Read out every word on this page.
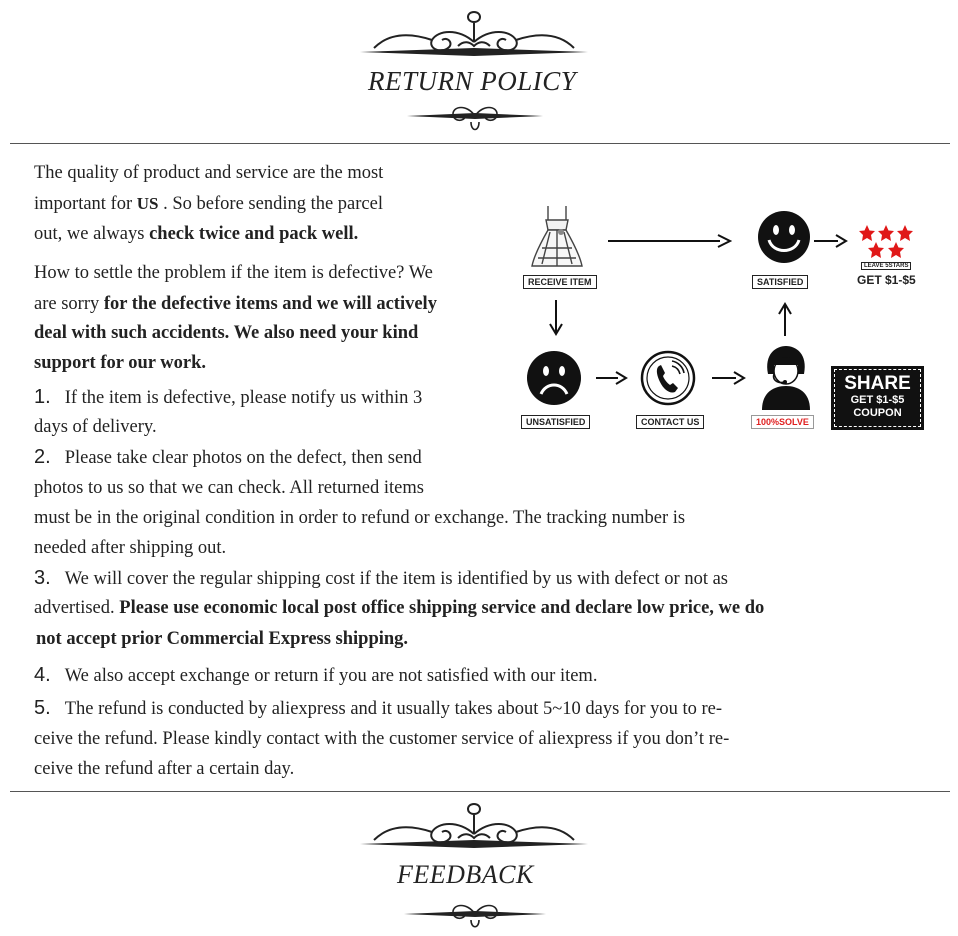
RETURN POLICY
The quality of product and service are the most
important for US . So before sending the parcel
out, we always check twice and pack well.
How to settle the problem if the item is defective? We
are sorry for the defective items and we will actively
deal with such accidents. We also need your kind
support for our work.
1. If the item is defective, please notify us within 3
days of delivery.
2. Please take clear photos on the defect, then send
photos to us so that we can check. All returned items
must be in the original condition in order to refund or exchange. The tracking number is
needed after shipping out.
3. We will cover the regular shipping cost if the item is identified by us with defect or not as
advertised. Please use economic local post office shipping service and declare low price, we do
not accept prior Commercial Express shipping.
4. We also accept exchange or return if you are not satisfied with our item.
5. The refund is conducted by aliexpress and it usually takes about 5~10 days for you to re-
ceive the refund. Please kindly contact with the customer service of aliexpress if you don’t re-
ceive the refund after a certain day.
RECEIVE ITEM	SATISFIED
LEAVE 5STARS
GET $1-$5
UNSATISFIED	CONTACT US	100%SOLVE
SHARE
GET $1-$5
COUPON
FEEDBACK
